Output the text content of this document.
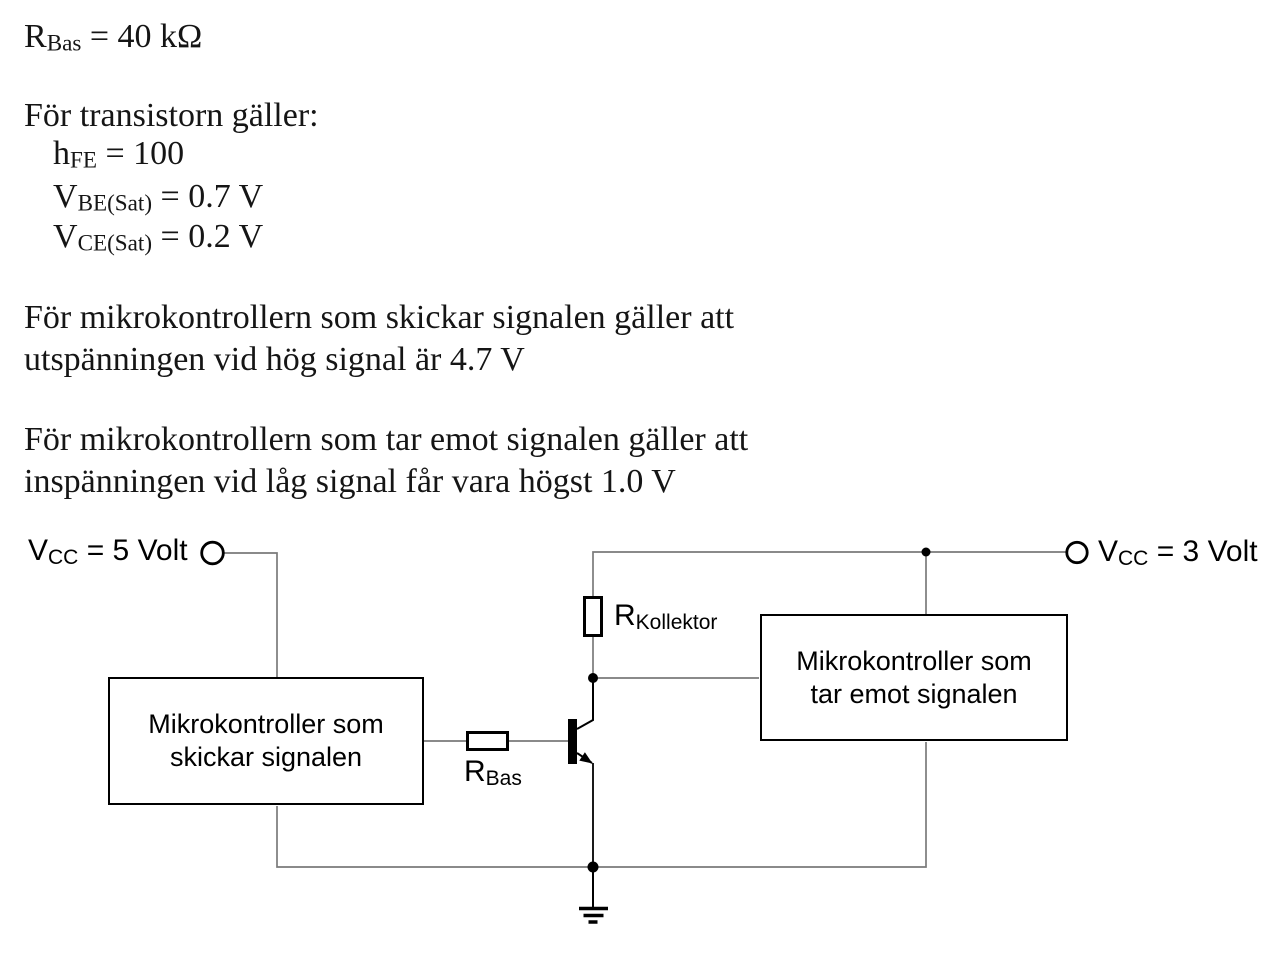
$R_{Bas} = 40$ kΩ
För transistorn gäller:
$h_{FE} = 100$
$V_{BE(Sat)} = 0.7$ V
$V_{CE(Sat)} = 0.2$ V
För mikrokontrollern som skickar signalen gäller att
utspänningen vid hög signal är 4.7 V
För mikrokontrollern som tar emot signalen gäller att
inspänningen vid låg signal får vara högst 1.0 V
$V_{CC} = 5$ Volt	$V_{CC} = 3$ Volt
$R_{Kollektor}$
$R_{Bas}$
Mikrokontroller som
skickar signalen
Mikrokontroller som
tar emot signalen
